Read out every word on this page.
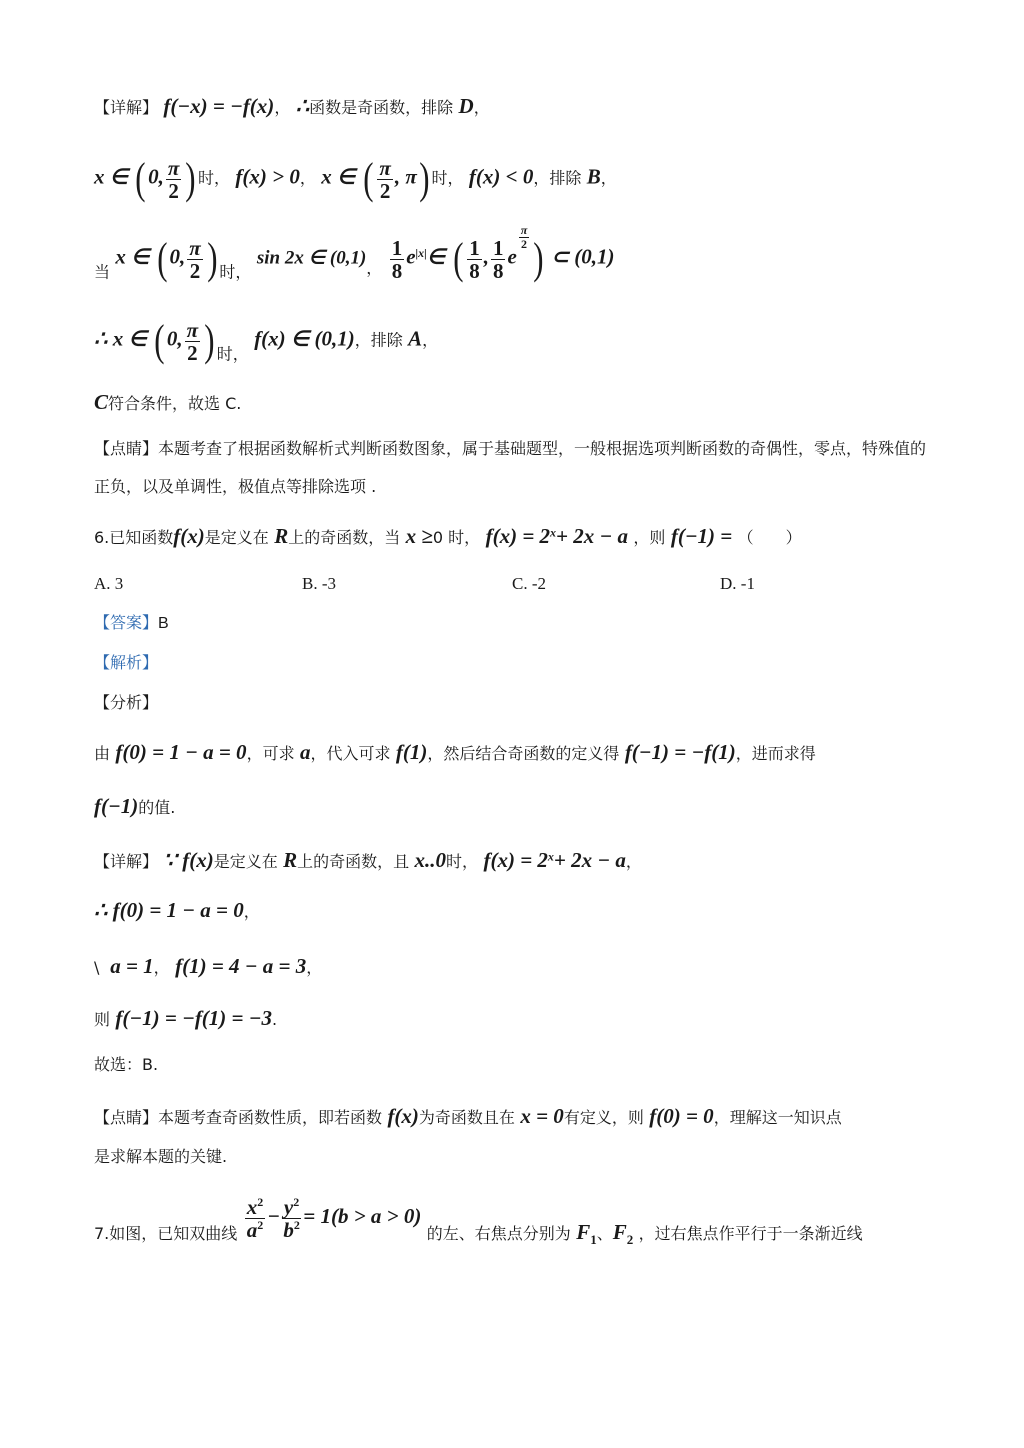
【详解】 f(−x) = −f(x)， ∴函数是奇函数，排除 D，
x ∈ ( 0, $\frac{\pi}{2}$ ) 时， f(x) > 0， x ∈ ( $\frac{\pi}{2}$ , π) 时， f(x) < 0，排除 B，
当 x ∈ ( 0, $\frac{\pi}{2}$ ) 时， sin 2x ∈ (0,1)， $\frac{1}{8}$ $e^{|x|}\in$ ( $\frac{1}{8}$ , $\frac{1}{8}$ e
$\frac{\pi}{2}$ ) ⊂ (0,1)
∴ x ∈ ( 0, $\frac{\pi}{2}$ ) 时， f(x) ∈ (0,1)，排除 A，
C符合条件，故选 C.
【点睛】本题考查了根据函数解析式判断函数图象，属于基础题型，一般根据选项判断函数的奇偶性，零点，特殊值的正负，以及单调性，极值点等排除选项 .
6.已知函数f(x)是定义在 R上的奇函数，当 x ≥0 时， $f(x) = 2^x+ 2x - a$ ，则 f(−1) = （　　）
A. 3	B. -3	C. -2	D. -1
【答案】B
【解析】
【分析】
由 f(0) = 1 − a = 0，可求 a，代入可求 f(1)，然后结合奇函数的定义得 f(−1) = −f(1)，进而求得
f(−1)的值.
【详解】 ∵ f(x)是定义在 R上的奇函数，且 x..0时， $f(x) = 2^x+ 2x - a$，
∴ f(0) = 1 − a = 0，
\ a = 1， f(1) = 4 − a = 3，
则 f(−1) = −f(1) = −3.
故选：B.
【点睛】本题考查奇函数性质，即若函数 f(x)为奇函数且在 x = 0有定义，则 f(0) = 0，理解这一知识点
是求解本题的关键.
7.如图，已知双曲线 $\frac{x^2}{a^2} - \frac{y^2}{b^2} = 1(b > a > 0)$ 的左、右焦点分别为 $F_1$、$F_2$ ，过右焦点作平行于一条渐近线
